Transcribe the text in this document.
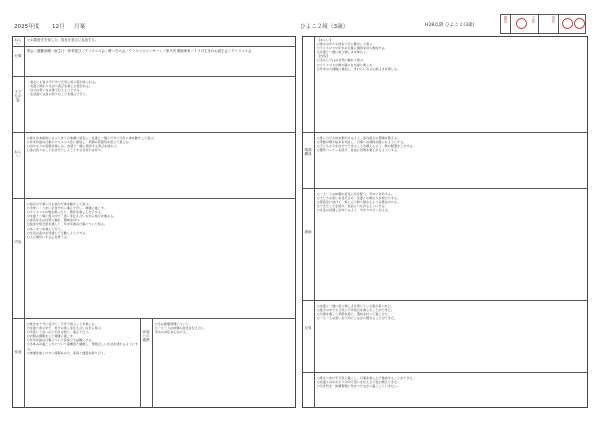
2025年度 12月 月案	ひよこ２組（3歳）	H28以降 ひよこ２(3歳)
園長	主任	担任
ねらい
＊お歌遊ぎを楽しむ。成長を喜びに参加する。
行事
集会／避難訓練／誕生日・体育遊び／クリスマス会／餅つき大会／クリスマスコンサート／第９回 親睦保育／１２月生まれお誕生会／クリスマス会
子どもの姿
・寒さにも負けず戸外で元気に遊ぶ姿が見られる。
・友達と関わりながら遊びを楽しむ姿がある。
・自分の思いを言葉で伝えようとする。
・生活面では身の回りのことを進んで行う。
ねらい
○寒さが本格的になってきても体調に留意し、友達と一緒に戸外で元気に体を動かして遊ぶ。
○年末年始の行事やクリスマス会に参加し、季節の雰囲気を感じて楽しむ。
○自分なりの表現を楽しみ、友達と一緒に発表する喜びを味わう。
○身の回りのことを自分でしようとする気持ちを持つ。
内容
○雨の日や寒い日も室内で体を動かして遊ぶ。
○手洗い・うがいを自分から進んで行い、健康に過ごす。
○クリスマスの歌を歌ったり、製作を楽しんだりする。
○友達と一緒に遊ぶ中で、思いを伝え合いながら遊びを進める。
○身近な冬の自然に触れ、興味を持つ。
○絵本や紙芝居を通して、年末年始の行事について知る。
○あいさつを進んで行う。
○生活の流れを見通して行動しようとする。
○人に親切にする心を育てる。
家庭
○寒さを十分に受けて、戸外で遊ぶことを楽しむ。
○友達と遊ぶ中で、自分の思いを伝え合いながら遊ぶ。
○手洗いうがいの大切さを知り、進んで行う。
○衣服の調節をして健康に過ごす。
○年末年始の行事について家庭でも話題にする。
○冬休みの過ごし方について保護者と連携し、規則正しい生活を送れるようにする。
○体調を崩しやすい時期なので、家庭と連絡を取り合う。
家庭との連携
○冬の健康管理について。
○一人一人の体調の変化を伝え合い、
早めの対応を心がける。
【ねらい】
○寒さの中でも体を十分に動かして遊ぶ。
○クリスマスや年末の行事に期待を持ち参加する。
○友達と一緒に遊ぶ楽しさを味わう。
【内容】
○冬ならではの自然に触れて遊ぶ。
○クリスマスの歌や踊りを友達と楽しむ。
○年末の大掃除に参加し、きれいになる心地よさを感じる。
環境構成
○寒い日でも体を動かせるよう、室内遊びの環境を整える。
○季節の歌や絵本を用意し、行事への期待が膨らむようにする。
○子どもたちが自分でできることが増えるよう、物の配置を工夫する。
○製作コーナーを設け、自由に表現を楽しめるようにする。
援助
○一人一人の体調の変化に気を配り、早めに対応する。
○子どもの思いを受け止め、友達との関わりを仲立ちする。
○発表会に向けて、楽しんで取り組めるよう言葉をかける。
○できたことを認め、自信につながるようにする。
○生活の見通しが持てるよう、分かりやすく伝える。
反省
○友達と一緒に遊ぶ楽しさを感じている姿が見られた。
○寒さの中でも元気に戸外遊びを楽しむことができた。
○行事を通して季節を感じ、期待を持って過ごせた。
○一人一人の思いを大切にしながら関わることができた。
○寒さに負けず元気に過ごし、行事を楽しんで参加することができた。
○友達とのかかわりの中で思いを伝え合う姿が増えてきた。
○引き続き、体調管理に気をつけながら過ごしていきたい。
